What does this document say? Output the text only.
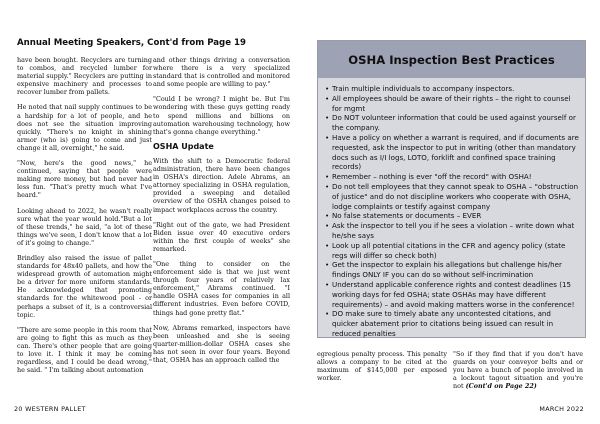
Annual Meeting Speakers, Cont'd from Page 19

have been bought. Recyclers are turning to combos, and recycled lumber for material supply." Recyclers are putting in expensive machinery and processes to recover lumber from pallets.

He noted that nail supply continues to be a hardship for a lot of people, and he does not see the situation improving quickly. "There's no knight in shining armor (who is) going to come and just change it all, overnight," he said.

"Now, here's the good news," he continued, saying that people were making more money, but had never had less fun. "That's pretty much what I've heard."

Looking ahead to 2022, he wasn't really sure what the year would hold."But a lot of these trends," he said, "a lot of these things we've seen, I don't know that a lot of it's going to change."

Brindley also raised the issue of pallet standards for 48x40 pallets, and how the widespread growth of automation might be a driver for more uniform standards. He acknowledged that promoting standards for the whitewood pool - or perhaps a subset of it, is a controversial topic.

"There are some people in this room that are going to fight this as much as they can. There's other people that are going to love it. I think it may be coming regardless, and I could be dead wrong," he said. " I'm talking about automation

and other things driving a conversation where there is a very specialized standard that is controlled and monitored and some people are willing to pay."

"Could I be wrong? I might be. But I'm wondering with these guys getting ready to spend millions and billions on automation warehousing technology, how that's gonna change everything."

OSHA Update

With the shift to a Democratic federal administration, there have been changes in OSHA's direction. Adele Abrams, an attorney specializing in OSHA regulation, provided a sweeping and detailed overview of the OSHA changes poised to impact workplaces across the country.

"Right out of the gate, we had President Biden issue over 40 executive orders within the first couple of weeks" she remarked.

"One thing to consider on the enforcement side is that we just went through four years of relatively lax enforcement," Abrams continued. "I handle OSHA cases for companies in all different industries. Even before COVID, things had gone pretty flat."

Now, Abrams remarked, inspectors have been unleashed and she is seeing quarter-million-dollar OSHA cases she has not seen in over four years. Beyond that, OSHA has an approach called the

OSHA Inspection Best Practices
• Train multiple individuals to accompany inspectors.
• All employees should be aware of their rights – the right to counsel for mgmt
• Do NOT volunteer information that could be used against yourself or the company.
• Have a policy on whether a warrant is required, and if documents are requested, ask the inspector to put in writing (other than mandatory docs such as I/I logs, LOTO, forklift and confined space training records)
• Remember – nothing is ever "off the record" with OSHA!
• Do not tell employees that they cannot speak to OSHA – "obstruction of justice" and do not discipline workers who cooperate with OSHA, lodge complaints or testify against company
• No false statements or documents – EVER
• Ask the inspector to tell you if he sees a violation – write down what he/she says
• Look up all potential citations in the CFR and agency policy (state regs will differ so check both)
• Get the inspector to explain his allegations but challenge his/her findings ONLY IF you can do so without self-incrimination
• Understand applicable conference rights and contest deadlines (15 working days for fed OSHA; state OSHAs may have different requirements) – and avoid making matters worse in the conference!
• DO make sure to timely abate any uncontested citations, and quicker abatement prior to citations being issued can result in reduced penalties

egregious penalty process. This penalty allows a company to be cited at the maximum of $145,000 per exposed worker.

"So if they find that if you don't have guards on your conveyor belts and or you have a bunch of people involved in a lockout tagout situation and you're not (Cont'd on Page 22)

20 WESTERN PALLET	MARCH 2022
